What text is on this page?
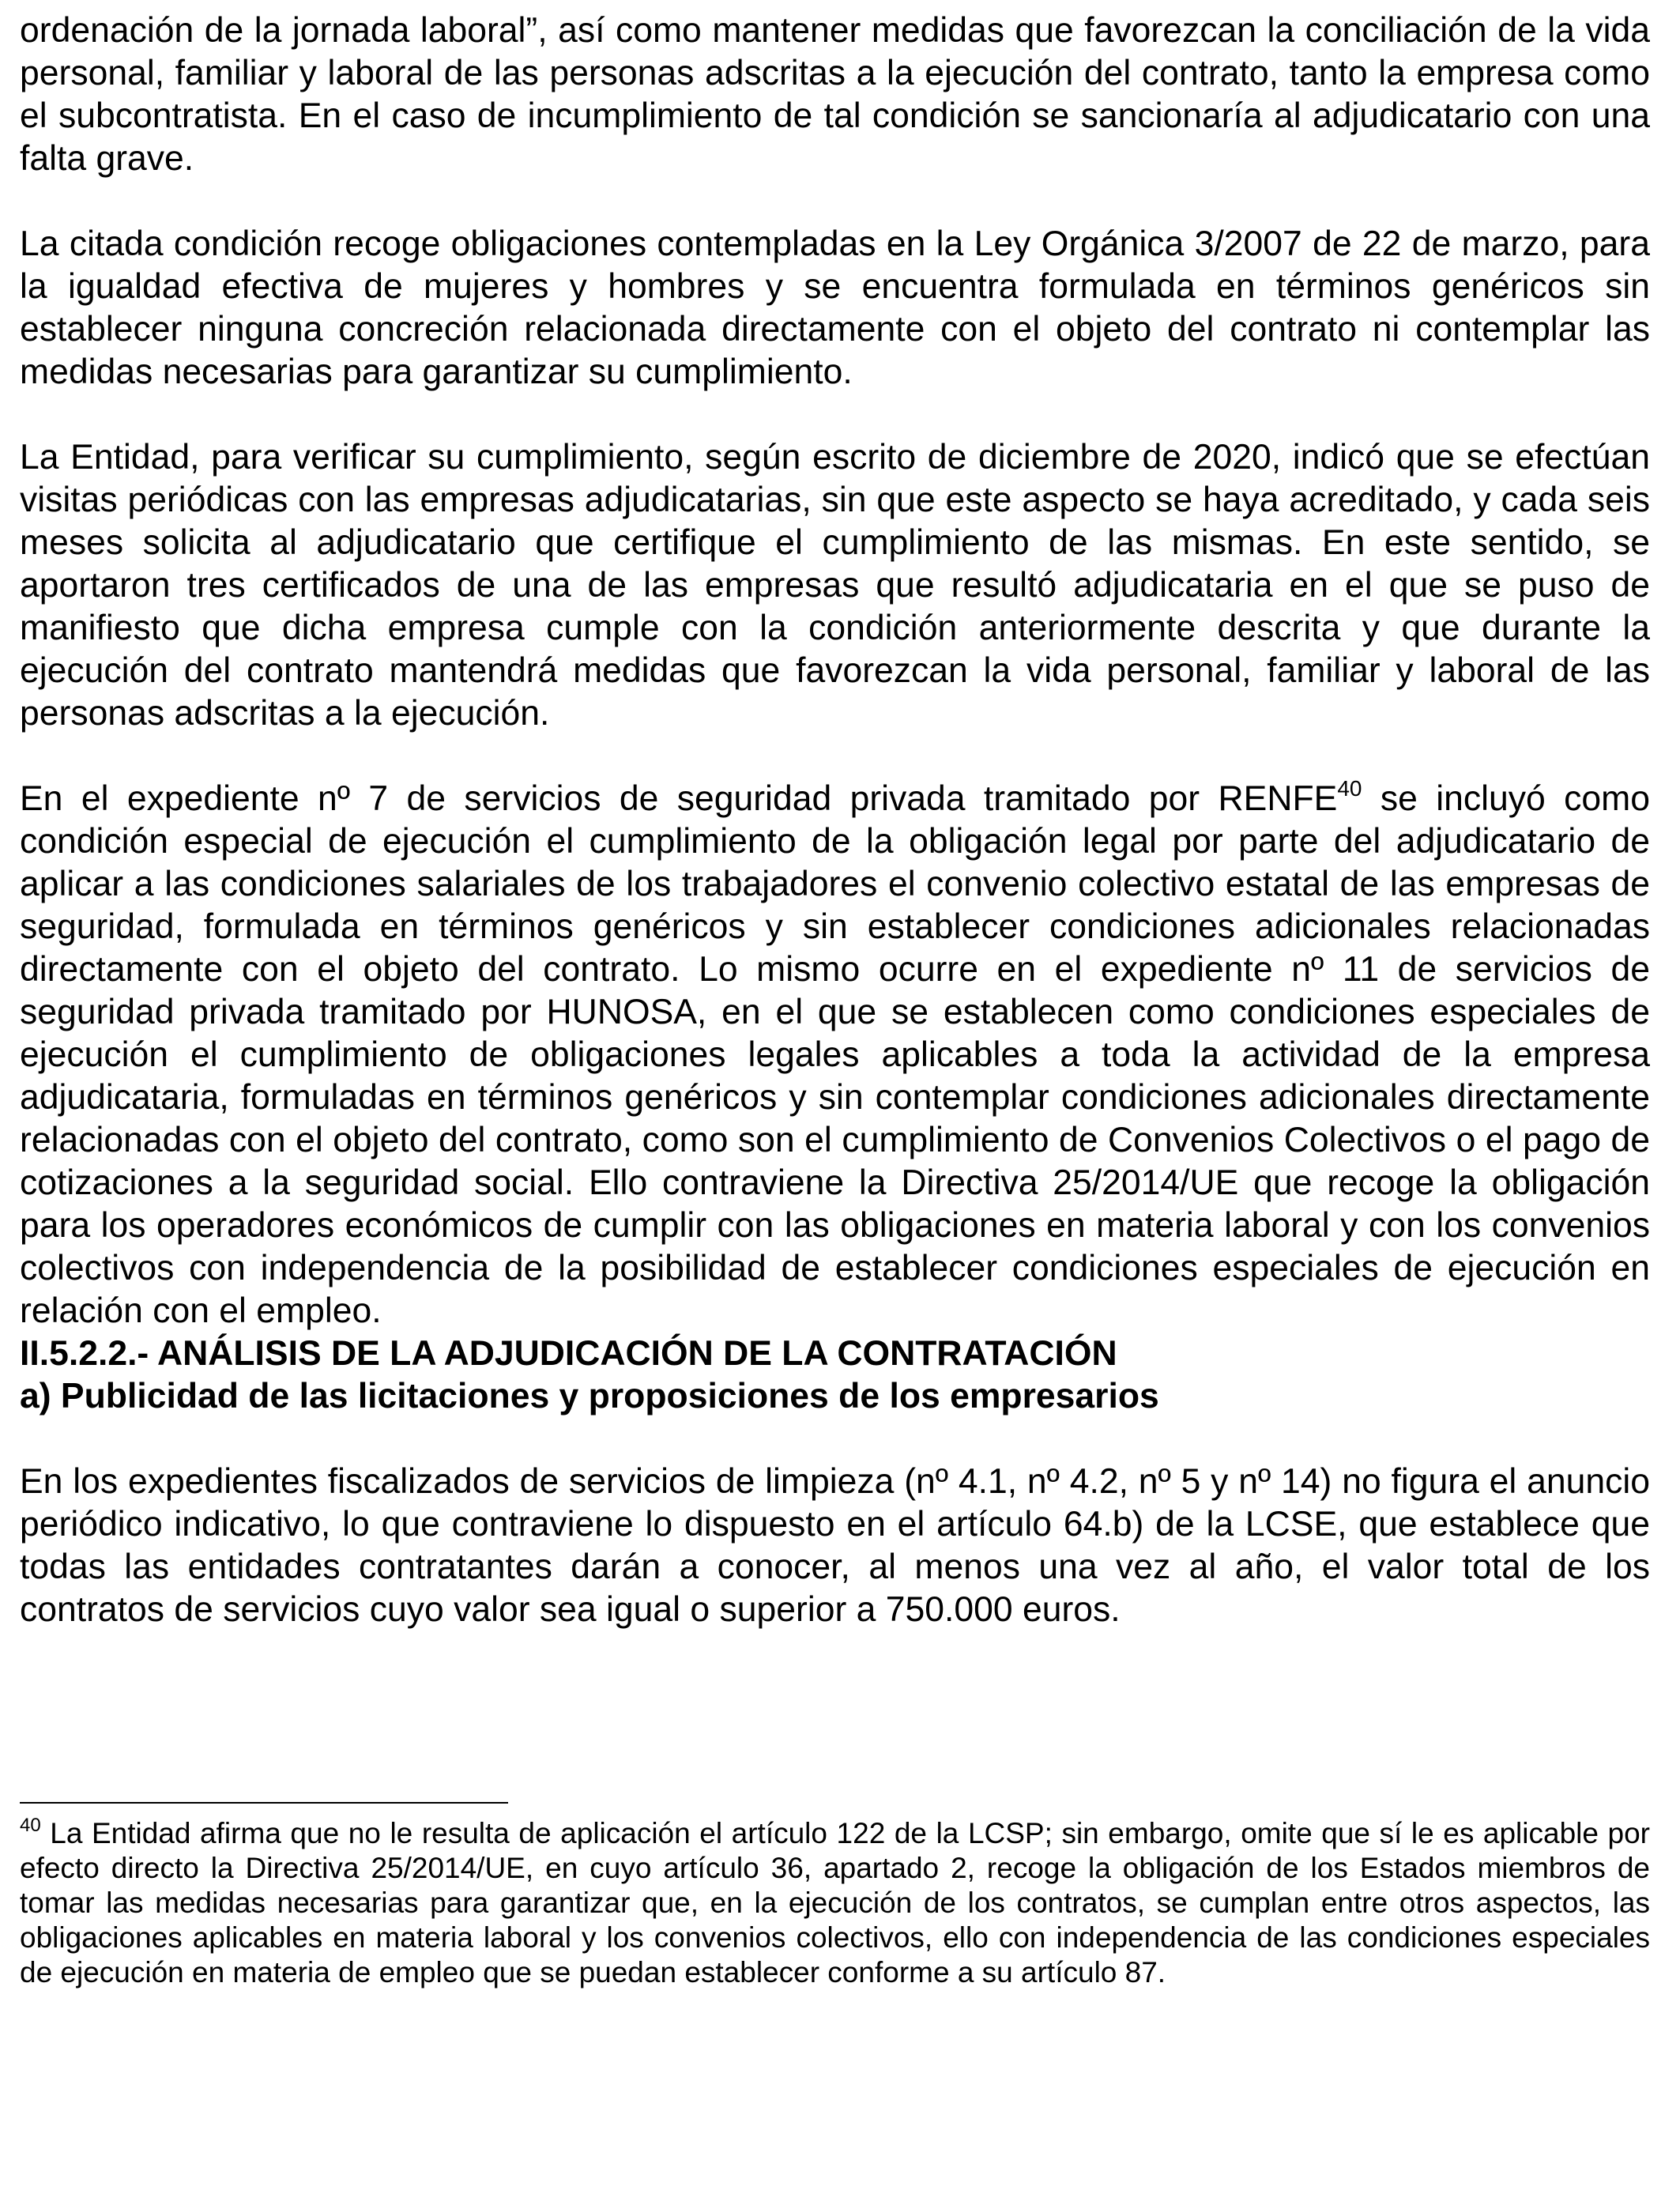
ordenación de la jornada laboral”, así como mantener medidas que favorezcan la conciliación de la vida personal, familiar y laboral de las personas adscritas a la ejecución del contrato, tanto la empresa como el subcontratista. En el caso de incumplimiento de tal condición se sancionaría al adjudicatario con una falta grave.

La citada condición recoge obligaciones contempladas en la Ley Orgánica 3/2007 de 22 de marzo, para la igualdad efectiva de mujeres y hombres y se encuentra formulada en términos genéricos sin establecer ninguna concreción relacionada directamente con el objeto del contrato ni contemplar las medidas necesarias para garantizar su cumplimiento.

La Entidad, para verificar su cumplimiento, según escrito de diciembre de 2020, indicó que se efectúan visitas periódicas con las empresas adjudicatarias, sin que este aspecto se haya acreditado, y cada seis meses solicita al adjudicatario que certifique el cumplimiento de las mismas. En este sentido, se aportaron tres certificados de una de las empresas que resultó adjudicataria en el que se puso de manifiesto que dicha empresa cumple con la condición anteriormente descrita y que durante la ejecución del contrato mantendrá medidas que favorezcan la vida personal, familiar y laboral de las personas adscritas a la ejecución.

En el expediente nº 7 de servicios de seguridad privada tramitado por RENFE$^{40}$ se incluyó como condición especial de ejecución el cumplimiento de la obligación legal por parte del adjudicatario de aplicar a las condiciones salariales de los trabajadores el convenio colectivo estatal de las empresas de seguridad, formulada en términos genéricos y sin establecer condiciones adicionales relacionadas directamente con el objeto del contrato. Lo mismo ocurre en el expediente nº 11 de servicios de seguridad privada tramitado por HUNOSA, en el que se establecen como condiciones especiales de ejecución el cumplimiento de obligaciones legales aplicables a toda la actividad de la empresa adjudicataria, formuladas en términos genéricos y sin contemplar condiciones adicionales directamente relacionadas con el objeto del contrato, como son el cumplimiento de Convenios Colectivos o el pago de cotizaciones a la seguridad social. Ello contraviene la Directiva 25/2014/UE que recoge la obligación para los operadores económicos de cumplir con las obligaciones en materia laboral y con los convenios colectivos con independencia de la posibilidad de establecer condiciones especiales de ejecución en relación con el empleo.

II.5.2.2.- ANÁLISIS DE LA ADJUDICACIÓN DE LA CONTRATACIÓN

a) Publicidad de las licitaciones y proposiciones de los empresarios

En los expedientes fiscalizados de servicios de limpieza (nº 4.1, nº 4.2, nº 5 y nº 14) no figura el anuncio periódico indicativo, lo que contraviene lo dispuesto en el artículo 64.b) de la LCSE, que establece que todas las entidades contratantes darán a conocer, al menos una vez al año, el valor total de los contratos de servicios cuyo valor sea igual o superior a 750.000 euros.

$^{40}$ La Entidad afirma que no le resulta de aplicación el artículo 122 de la LCSP; sin embargo, omite que sí le es aplicable por efecto directo la Directiva 25/2014/UE, en cuyo artículo 36, apartado 2, recoge la obligación de los Estados miembros de tomar las medidas necesarias para garantizar que, en la ejecución de los contratos, se cumplan entre otros aspectos, las obligaciones aplicables en materia laboral y los convenios colectivos, ello con independencia de las condiciones especiales de ejecución en materia de empleo que se puedan establecer conforme a su artículo 87.
